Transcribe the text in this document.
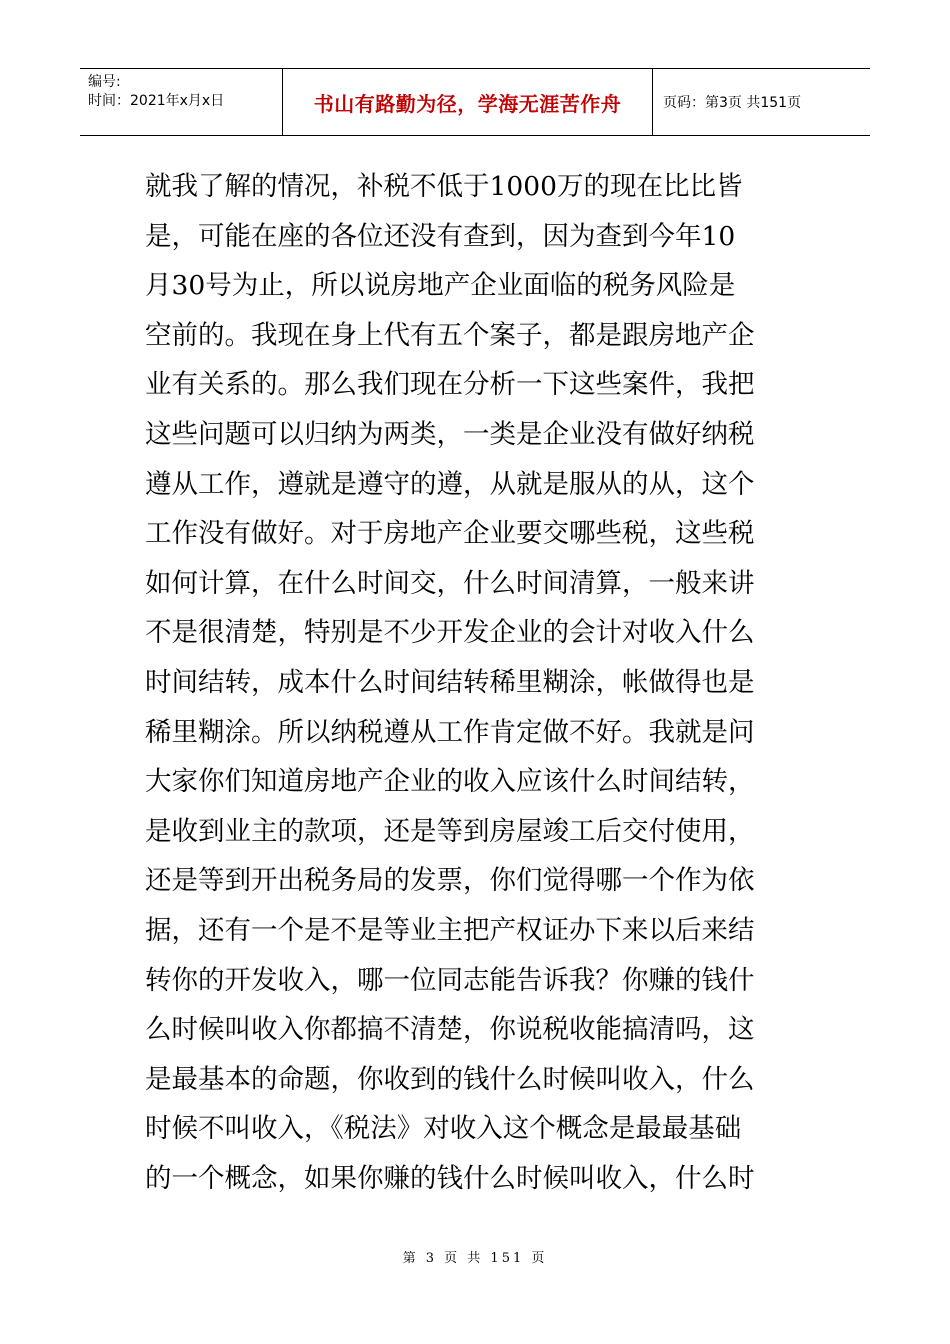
编号:
时间：2021年x月x日	书山有路勤为径，学海无涯苦作舟	页码：第3页 共151页
就我了解的情况，补税不低于1000万的现在比比皆
是，可能在座的各位还没有查到，因为查到今年10
月30号为止，所以说房地产企业面临的税务风险是
空前的。我现在身上代有五个案子，都是跟房地产企
业有关系的。那么我们现在分析一下这些案件，我把
这些问题可以归纳为两类，一类是企业没有做好纳税
遵从工作，遵就是遵守的遵，从就是服从的从，这个
工作没有做好。对于房地产企业要交哪些税，这些税
如何计算，在什么时间交，什么时间清算，一般来讲
不是很清楚，特别是不少开发企业的会计对收入什么
时间结转，成本什么时间结转稀里糊涂，帐做得也是
稀里糊涂。所以纳税遵从工作肯定做不好。我就是问
大家你们知道房地产企业的收入应该什么时间结转，
是收到业主的款项，还是等到房屋竣工后交付使用，
还是等到开出税务局的发票，你们觉得哪一个作为依
据，还有一个是不是等业主把产权证办下来以后来结
转你的开发收入，哪一位同志能告诉我？你赚的钱什
么时候叫收入你都搞不清楚，你说税收能搞清吗，这
是最基本的命题，你收到的钱什么时候叫收入，什么
时候不叫收入，《税法》对收入这个概念是最最基础
的一个概念，如果你赚的钱什么时候叫收入，什么时
第 3 页 共 151 页
